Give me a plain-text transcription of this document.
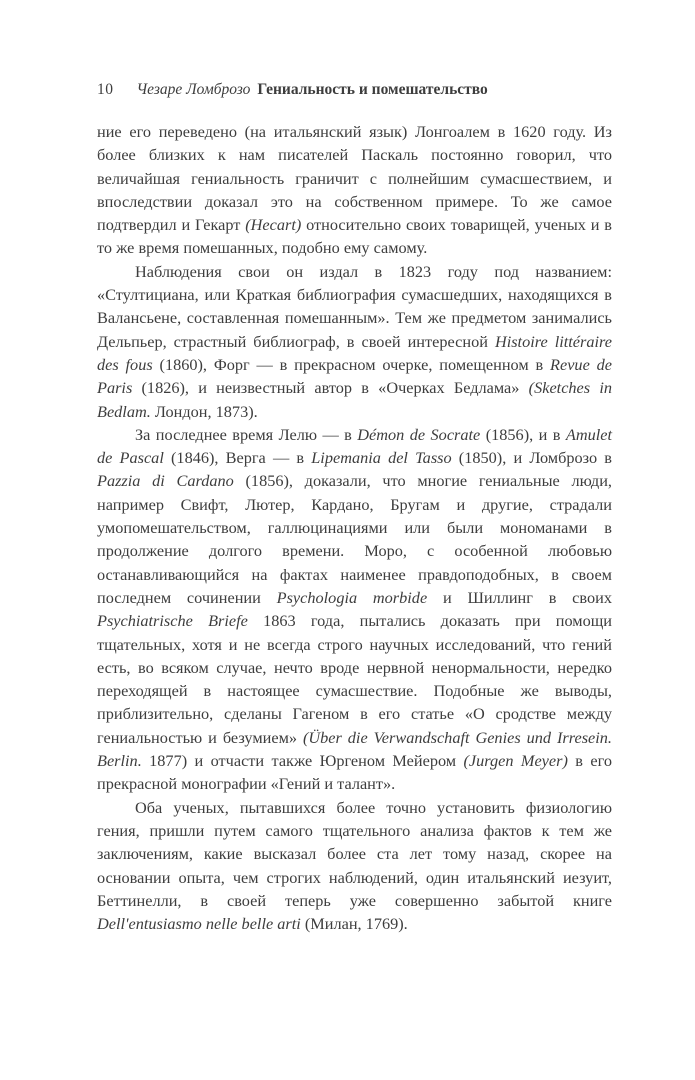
10 Чезаре Ломброзо Гениальность и помешательство

ние его переведено (на итальянский язык) Лонгоалем в 1620 году. Из более близких к нам писателей Паскаль постоянно говорил, что величайшая гениальность граничит с полнейшим сумасшествием, и впоследствии доказал это на собственном примере. То же самое подтвердил и Гекарт (Hecart) относительно своих товарищей, ученых и в то же время помешанных, подобно ему самому.

Наблюдения свои он издал в 1823 году под названием: «Стултициана, или Краткая библиография сумасшедших, находящихся в Валансьене, составленная помешанным». Тем же предметом занимались Дельпьер, страстный библиограф, в своей интересной Histoire littéraire des fous (1860), Форг — в прекрасном очерке, помещенном в Revue de Paris (1826), и неизвестный автор в «Очерках Бедлама» (Sketches in Bedlam. Лондон, 1873).

За последнее время Лелю — в Démon de Socrate (1856), и в Amulet de Pascal (1846), Верга — в Lipemania del Tasso (1850), и Ломброзо в Pazzia di Cardano (1856), доказали, что многие гениальные люди, например Свифт, Лютер, Кардано, Бругам и другие, страдали умопомешательством, галлюцинациями или были мономанами в продолжение долгого времени. Моро, с особенной любовью останавливающийся на фактах наименее правдоподобных, в своем последнем сочинении Psychologia morbide и Шиллинг в своих Psychiatrische Briefe 1863 года, пытались доказать при помощи тщательных, хотя и не всегда строго научных исследований, что гений есть, во всяком случае, нечто вроде нервной ненормальности, нередко переходящей в настоящее сумасшествие. Подобные же выводы, приблизительно, сделаны Гагеном в его статье «О сродстве между гениальностью и безумием» (Über die Verwandschaft Genies und Irresein. Berlin. 1877) и отчасти также Юргеном Мейером (Jurgen Meyer) в его прекрасной монографии «Гений и талант».

Оба ученых, пытавшихся более точно установить физиологию гения, пришли путем самого тщательного анализа фактов к тем же заключениям, какие высказал более ста лет тому назад, скорее на основании опыта, чем строгих наблюдений, один итальянский иезуит, Беттинелли, в своей теперь уже совершенно забытой книге Dell'entusiasmo nelle belle arti (Милан, 1769).
